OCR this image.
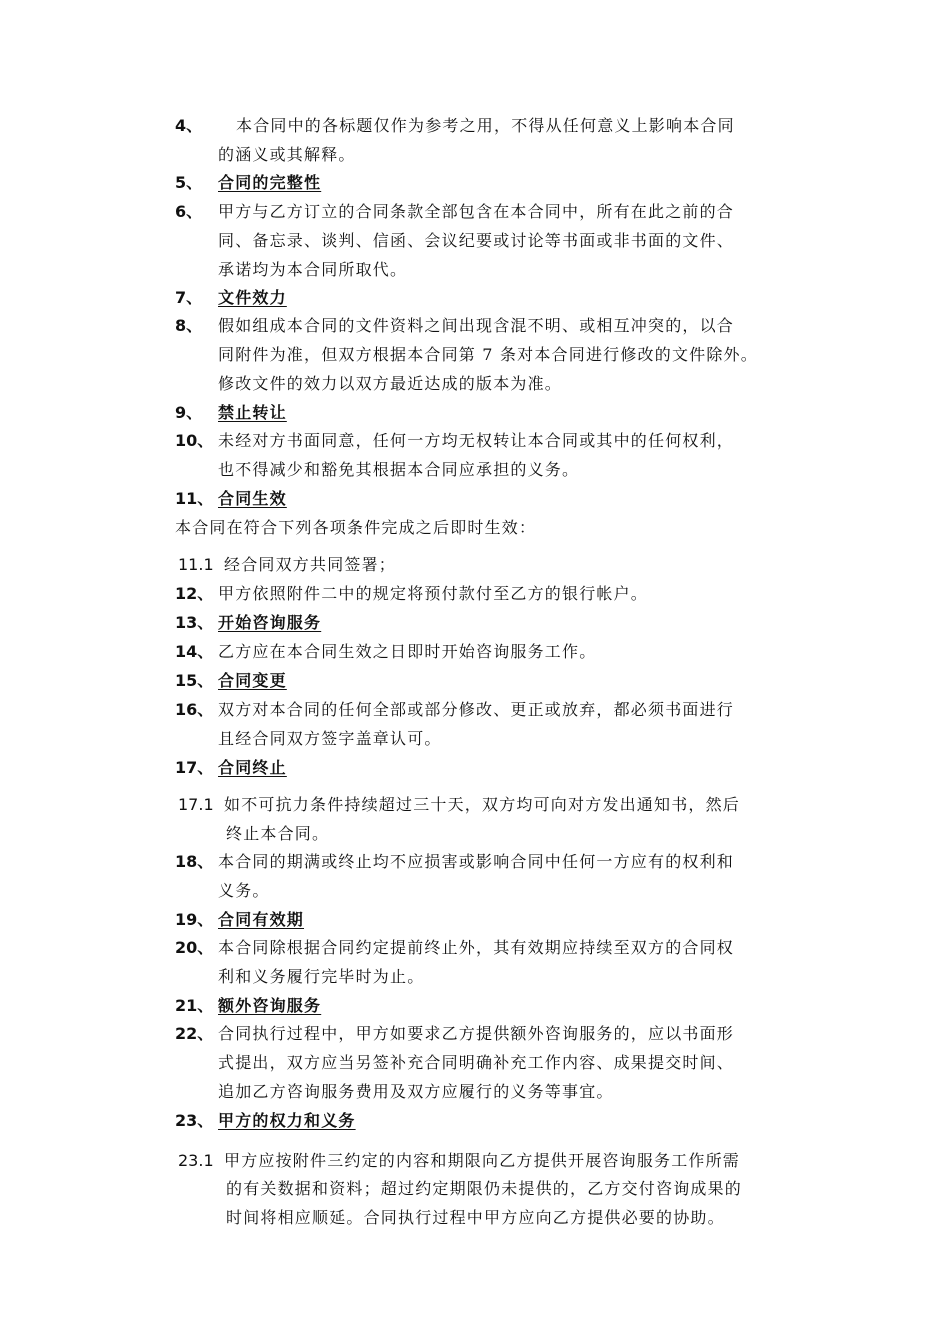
4、 本合同中的各标题仅作为参考之用，不得从任何意义上影响本合同
的涵义或其解释。
5、 合同的完整性
6、 甲方与乙方订立的合同条款全部包含在本合同中，所有在此之前的合
同、备忘录、谈判、信函、会议纪要或讨论等书面或非书面的文件、
承诺均为本合同所取代。
7、 文件效力
8、 假如组成本合同的文件资料之间出现含混不明、或相互冲突的，以合
同附件为准，但双方根据本合同第 7 条对本合同进行修改的文件除外。
修改文件的效力以双方最近达成的版本为准。
9、 禁止转让
10、 未经对方书面同意，任何一方均无权转让本合同或其中的任何权利，
也不得减少和豁免其根据本合同应承担的义务。
11、 合同生效
本合同在符合下列各项条件完成之后即时生效：
11.1 经合同双方共同签署；
12、 甲方依照附件二中的规定将预付款付至乙方的银行帐户。
13、 开始咨询服务
14、 乙方应在本合同生效之日即时开始咨询服务工作。
15、 合同变更
16、 双方对本合同的任何全部或部分修改、更正或放弃，都必须书面进行
且经合同双方签字盖章认可。
17、 合同终止
17.1 如不可抗力条件持续超过三十天，双方均可向对方发出通知书，然后
终止本合同。
18、 本合同的期满或终止均不应损害或影响合同中任何一方应有的权利和
义务。
19、 合同有效期
20、 本合同除根据合同约定提前终止外，其有效期应持续至双方的合同权
利和义务履行完毕时为止。
21、 额外咨询服务
22、 合同执行过程中，甲方如要求乙方提供额外咨询服务的，应以书面形
式提出，双方应当另签补充合同明确补充工作内容、成果提交时间、
追加乙方咨询服务费用及双方应履行的义务等事宜。
23、 甲方的权力和义务
23.1 甲方应按附件三约定的内容和期限向乙方提供开展咨询服务工作所需
的有关数据和资料；超过约定期限仍未提供的，乙方交付咨询成果的
时间将相应顺延。合同执行过程中甲方应向乙方提供必要的协助。
